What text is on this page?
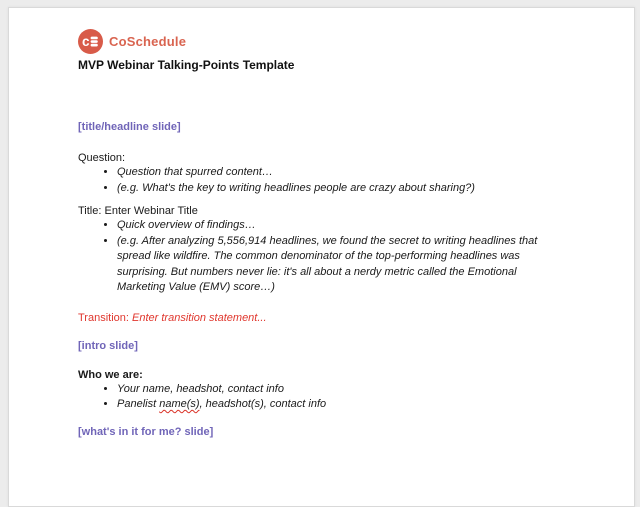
c CoSchedule
MVP Webinar Talking-Points Template
[title/headline slide]
Question:
• Question that spurred content…
• (e.g. What's the key to writing headlines people are crazy about sharing?)
Title: Enter Webinar Title
• Quick overview of findings…
• (e.g. After analyzing 5,556,914 headlines, we found the secret to writing headlines that spread like wildfire. The common denominator of the top-performing headlines was surprising. But numbers never lie: it's all about a nerdy metric called the Emotional Marketing Value (EMV) score…)
Transition: Enter transition statement...
[intro slide]
Who we are:
• Your name, headshot, contact info
• Panelist name(s), headshot(s), contact info
[what's in it for me? slide]
